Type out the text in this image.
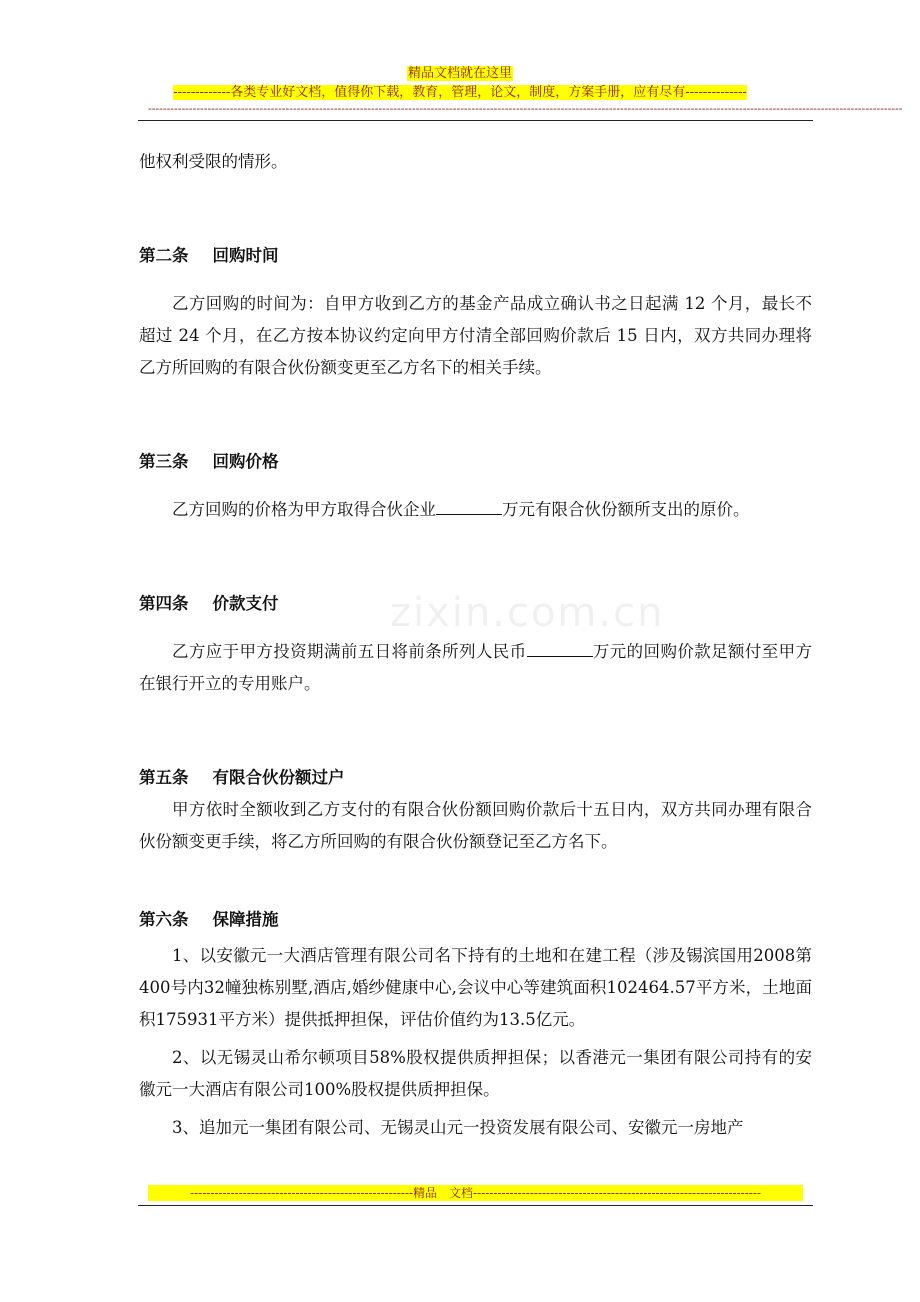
精品文档就在这里
-------------各类专业好文档，值得你下载，教育，管理，论文，制度，方案手册，应有尽有--------------
-----------------------------------------------------------------------------------------------------------------------------------------------------------------------------------------------------------
zixin.com.cn

他权利受限的情形。

第二条 回购时间

乙方回购的时间为：自甲方收到乙方的基金产品成立确认书之日起满 12 个月，最长不超过 24 个月，在乙方按本协议约定向甲方付清全部回购价款后 15 日内，双方共同办理将乙方所回购的有限合伙份额变更至乙方名下的相关手续。

第三条 回购价格

乙方回购的价格为甲方取得合伙企业	万元有限合伙份额所支出的原价。

第四条 价款支付

乙方应于甲方投资期满前五日将前条所列人民币	万元的回购价款足额付至甲方在银行开立的专用账户。

第五条 有限合伙份额过户

甲方依时全额收到乙方支付的有限合伙份额回购价款后十五日内，双方共同办理有限合伙份额变更手续，将乙方所回购的有限合伙份额登记至乙方名下。

第六条 保障措施

1、以安徽元一大酒店管理有限公司名下持有的土地和在建工程（涉及锡滨国用2008第400号内32幢独栋别墅,酒店,婚纱健康中心,会议中心等建筑面积102464.57平方米，土地面积175931平方米）提供抵押担保，评估价值约为13.5亿元。

2、以无锡灵山希尔顿项目58%股权提供质押担保；以香港元一集团有限公司持有的安徽元一大酒店有限公司100%股权提供质押担保。

3、追加元一集团有限公司、无锡灵山元一投资发展有限公司、安徽元一房地产

-------------------------------------------------------精品　文档-----------------------------------------------------------------------
